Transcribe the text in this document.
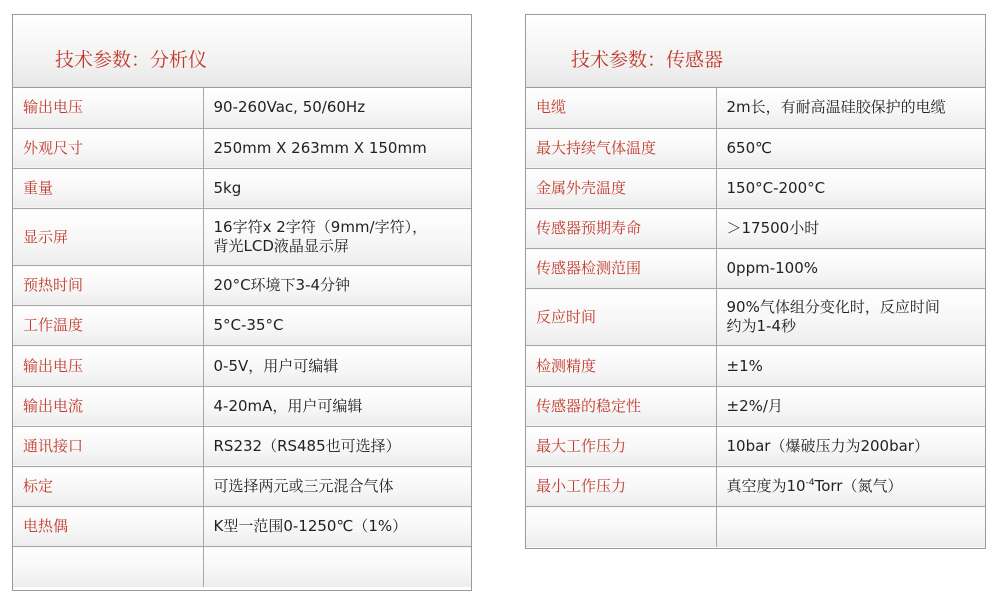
技术参数：分析仪
输出电压	90-260Vac, 50/60Hz
外观尺寸	250mm X 263mm X 150mm
重量	5kg
显示屏	16字符x 2字符（9mm/字符），
背光LCD液晶显示屏

预热时间	20°C环境下3-4分钟
工作温度	5°C-35°C
输出电压	0-5V，用户可编辑
输出电流	4-20mA，用户可编辑
通讯接口	RS232（RS485也可选择）
标定	可选择两元或三元混合气体
电热偶	K型一范围0-1250℃（1%）

技术参数：传感器
电缆	2m长，有耐高温硅胶保护的电缆
最大持续气体温度	650℃
金属外壳温度	150°C-200°C
传感器预期寿命	＞17500小时
传感器检测范围	0ppm-100%
反应时间	90%气体组分变化时，反应时间
约为1-4秒

检测精度	±1%
传感器的稳定性	±2%/月
最大工作压力	10bar（爆破压力为200bar）
最小工作压力	真空度为$10^{-4}Torr$（氮气）
